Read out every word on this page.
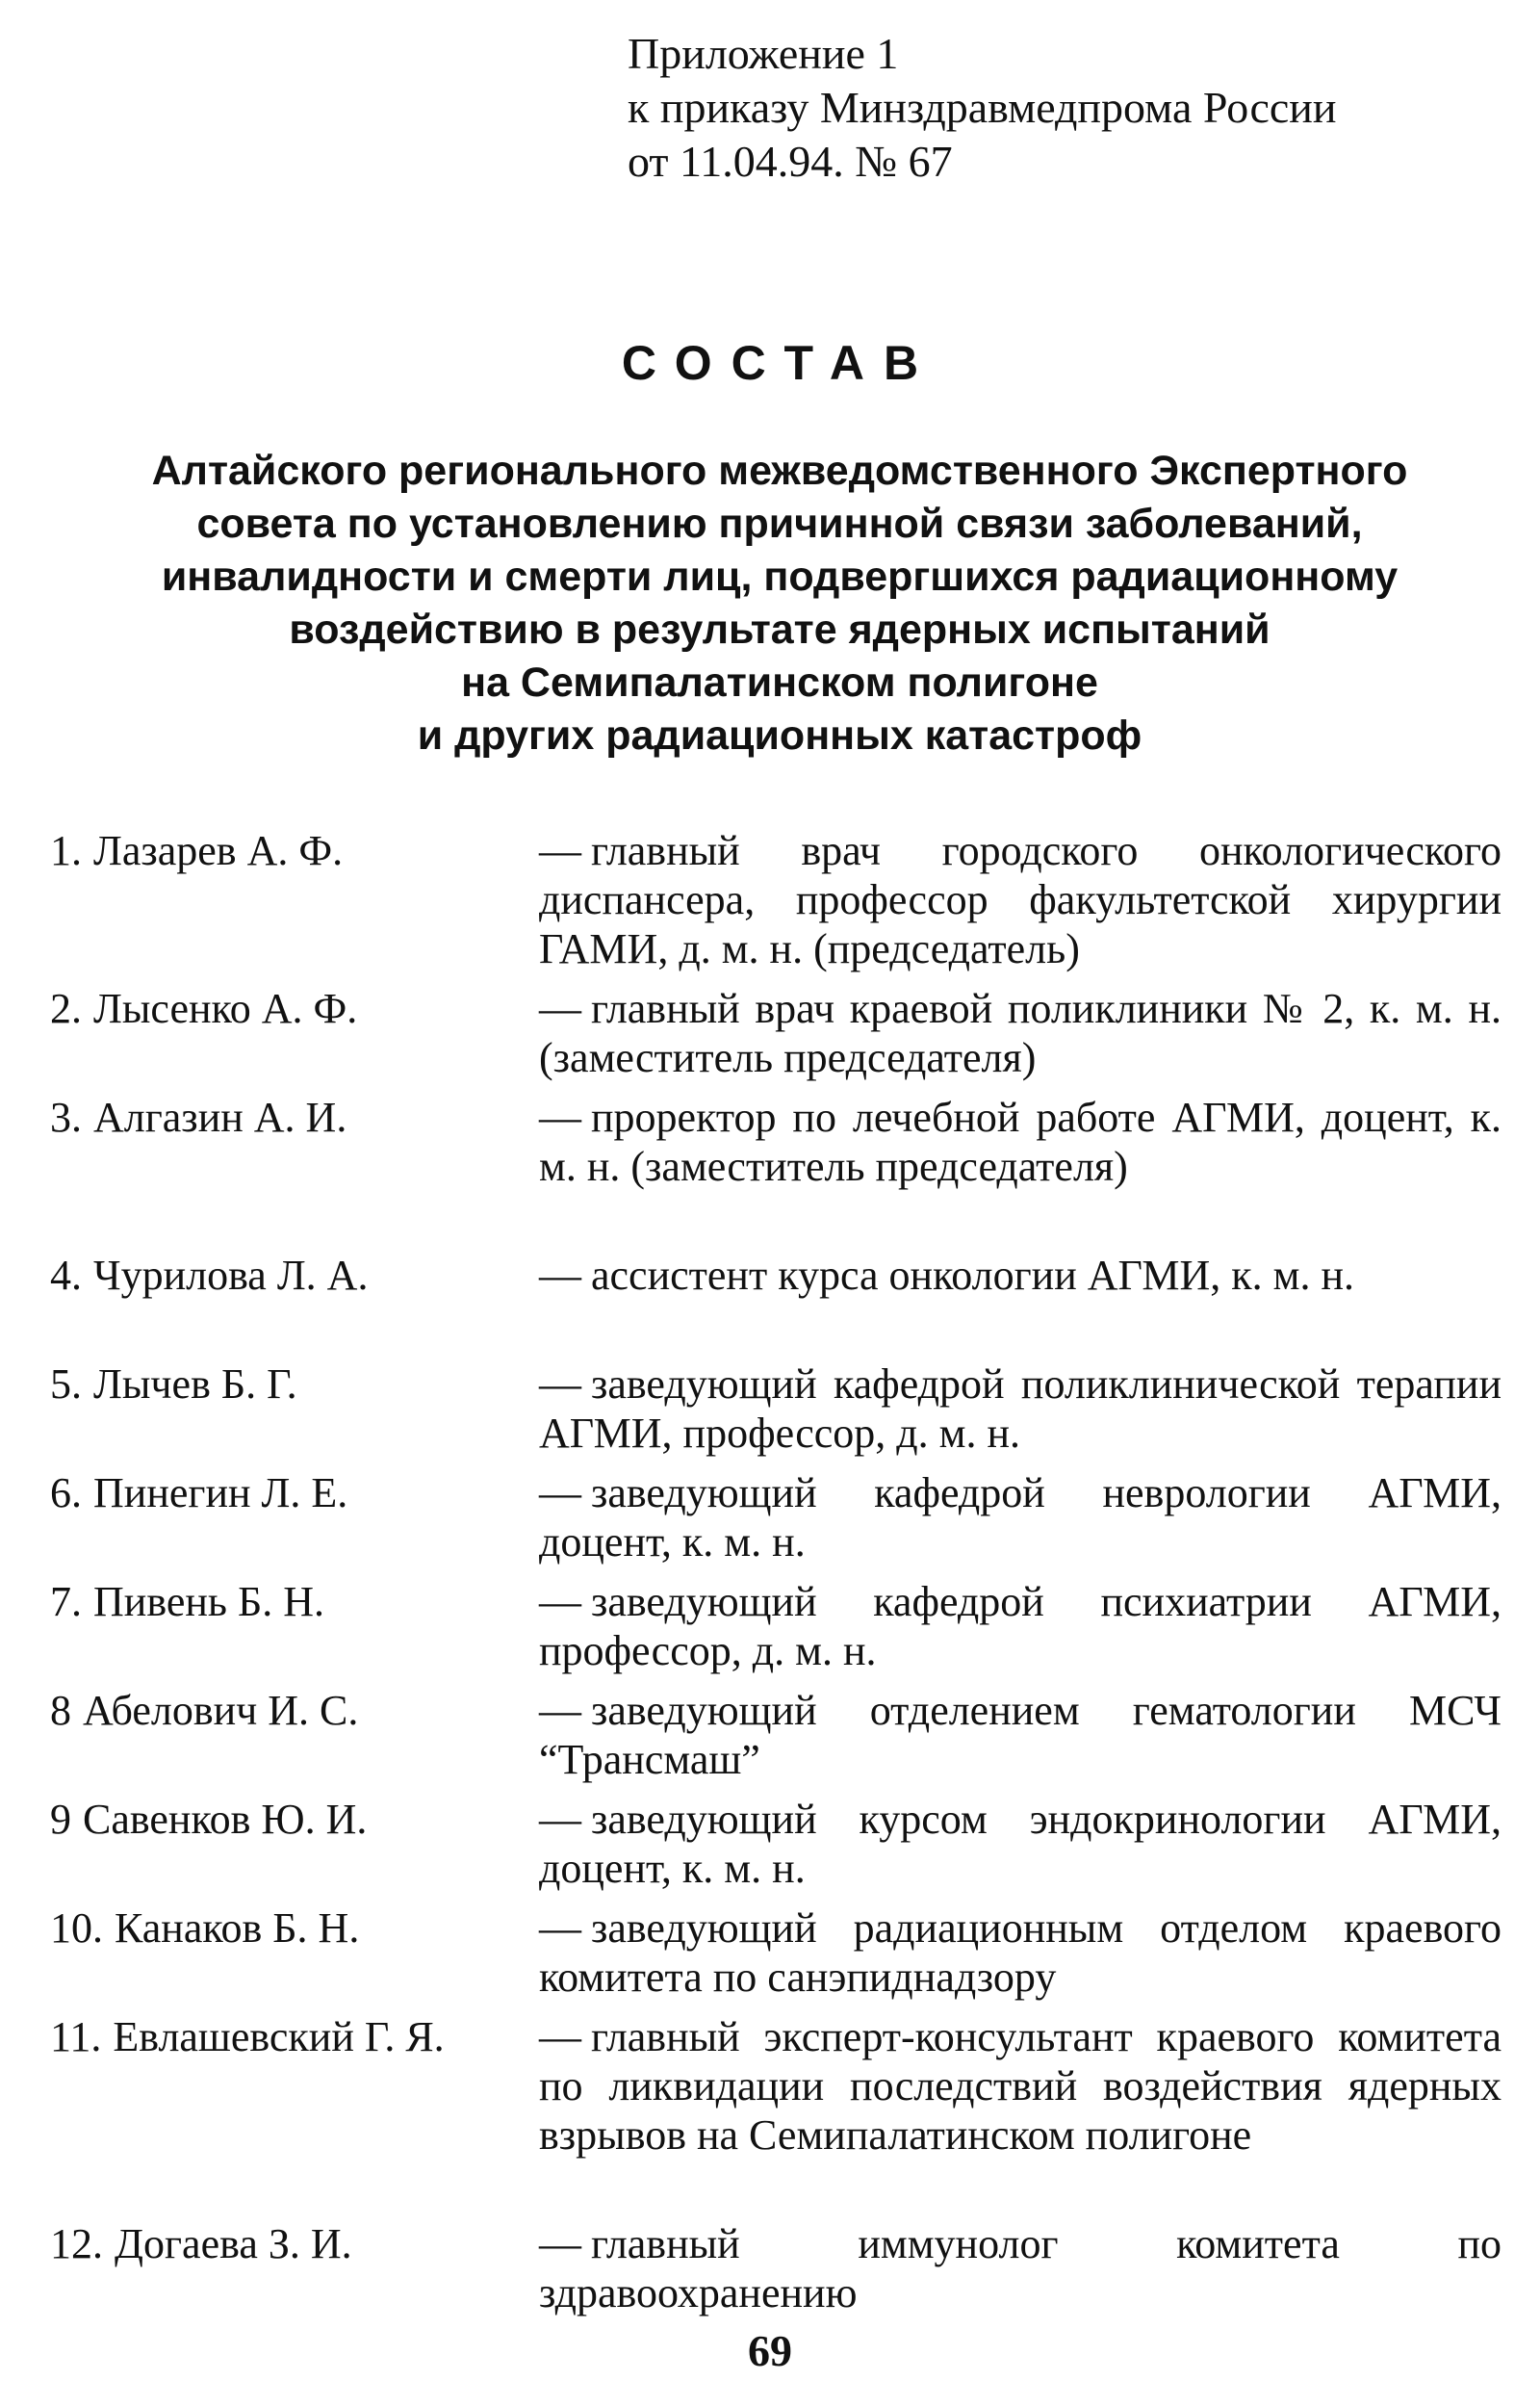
Приложение 1
к приказу Минздравмедпрома России
от 11.04.94. № 67
СОСТАВ
Алтайского регионального межведомственного Экспертного
совета по установлению причинной связи заболеваний,
инвалидности и смерти лиц, подвергшихся радиационному
воздействию в результате ядерных испытаний
на Семипалатинском полигоне
и других радиационных катастроф
1. Лазарев А. Ф.	— главный врач городского онкологического диспансера, профессор факультетской хирургии ГАМИ, д. м. н. (председатель)
2. Лысенко А. Ф.	— главный врач краевой поликлиники № 2, к. м. н. (заместитель председателя)
3. Алгазин А. И.	— проректор по лечебной работе АГМИ, доцент, к. м. н. (заместитель председателя)
4. Чурилова Л. А.	— ассистент курса онкологии АГМИ, к. м. н.
5. Лычев Б. Г.	— заведующий кафедрой поликлинической терапии АГМИ, профессор, д. м. н.
6. Пинегин Л. Е.	— заведующий кафедрой неврологии АГМИ, доцент, к. м. н.
7. Пивень Б. Н.	— заведующий кафедрой психиатрии АГМИ, профессор, д. м. н.
8 Абелович И. С.	— заведующий отделением гематологии МСЧ “Трансмаш”
9 Савенков Ю. И.	— заведующий курсом эндокринологии АГМИ, доцент, к. м. н.
10. Канаков Б. Н.	— заведующий радиационным отделом краевого комитета по санэпиднадзору
11. Евлашевский Г. Я. — главный эксперт-консультант краевого комитета по ликвидации последствий воздействия ядерных взрывов на Семипалатинском полигоне
12. Догаева З. И.	— главный иммунолог комитета по здравоохранению
69
